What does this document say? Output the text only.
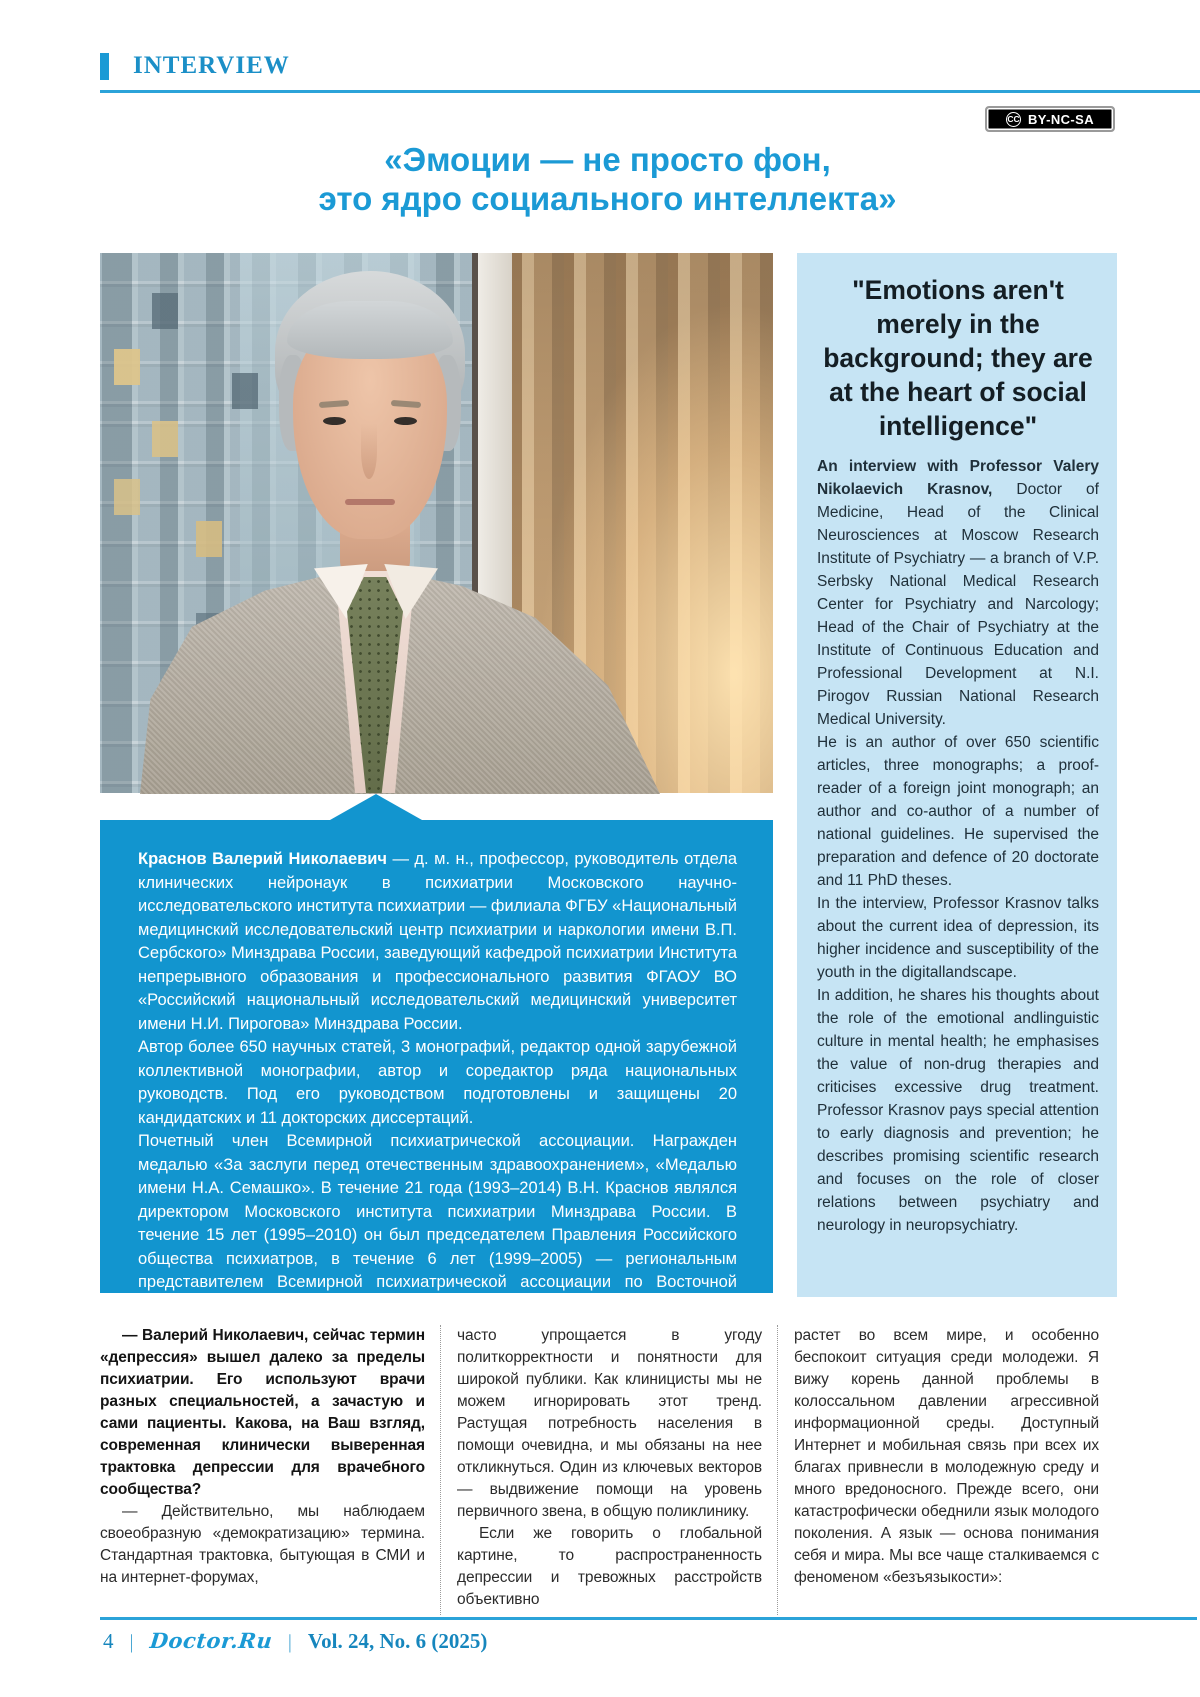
INTERVIEW
CC BY-NC-SA
«Эмоции — не просто фон,
это ядро социального интеллекта»
"Emotions aren't merely in the background; they are at the heart of social intelligence"

An interview with Professor Valery Nikolaevich Krasnov, Doctor of Medicine, Head of the Clinical Neurosciences at Moscow Research Institute of Psychiatry — a branch of V.P. Serbsky National Medical Research Center for Psychiatry and Narcology; Head of the Chair of Psychiatry at the Institute of Continuous Education and Professional Development at N.I. Pirogov Russian National Research Medical University.

He is an author of over 650 scientific articles, three monographs; a proof-reader of a foreign joint monograph; an author and co-author of a number of national guidelines. He supervised the preparation and defence of 20 doctorate and 11 PhD theses.

In the interview, Professor Krasnov talks about the current idea of depression, its higher incidence and susceptibility of the youth in the digitallandscape.

In addition, he shares his thoughts about the role of the emotional andlinguistic culture in mental health; he emphasises the value of non-drug therapies and criticises excessive drug treatment. Professor Krasnov pays special attention to early diagnosis and prevention; he describes promising scientific research and focuses on the role of closer relations between psychiatry and neurology in neuropsychiatry.

Краснов Валерий Николаевич — д. м. н., профессор, руководитель отдела клинических нейронаук в психиатрии Московского научно-исследовательского института психиатрии — филиала ФГБУ «Национальный медицинский исследовательский центр психиатрии и наркологии имени В.П. Сербского» Минздрава России, заведующий кафедрой психиатрии Института непрерывного образования и профессионального развития ФГАОУ ВО «Российский национальный исследовательский медицинский университет имени Н.И. Пирогова» Минздрава России.

Автор более 650 научных статей, 3 монографий, редактор одной зарубежной коллективной монографии, автор и соредактор ряда национальных руководств. Под его руководством подготовлены и защищены 20 кандидатских и 11 докторских диссертаций.

Почетный член Всемирной психиатрической ассоциации. Награжден медалью «За заслуги перед отечественным здравоохранением», «Медалью имени Н.А. Семашко». В течение 21 года (1993–2014) В.Н. Краснов являлся директором Московского института психиатрии Минздрава России. В течение 15 лет (1995–2010) он был председателем Правления Российского общества психиатров, в течение 6 лет (1999–2005) — региональным представителем Всемирной психиатрической ассоциации по Восточной Европе.

— Валерий Николаевич, сейчас термин «депрессия» вышел далеко за пределы психиатрии. Его используют врачи разных специальностей, а зачастую и сами пациенты. Какова, на Ваш взгляд, современная клинически выверенная трактовка депрессии для врачебного сообщества?

— Действительно, мы наблюдаем своеобразную «демократизацию» термина. Стандартная трактовка, бытующая в СМИ и на интернет-форумах,

часто упрощается в угоду политкорректности и понятности для широкой публики. Как клиницисты мы не можем игнорировать этот тренд. Растущая потребность населения в помощи очевидна, и мы обязаны на нее откликнуться. Один из ключевых векторов — выдвижение помощи на уровень первичного звена, в общую поликлинику.

Если же говорить о глобальной картине, то распространенность депрессии и тревожных расстройств объективно

растет во всем мире, и особенно беспокоит ситуация среди молодежи. Я вижу корень данной проблемы в колоссальном давлении агрессивной информационной среды. Доступный Интернет и мобильная связь при всех их благах привнесли в молодежную среду и много вредоносного. Прежде всего, они катастрофически обеднили язык молодого поколения. А язык — основа понимания себя и мира. Мы все чаще сталкиваемся с феноменом «безъязыкости»:

4 | Doctor.Ru | Vol. 24, No. 6 (2025)
